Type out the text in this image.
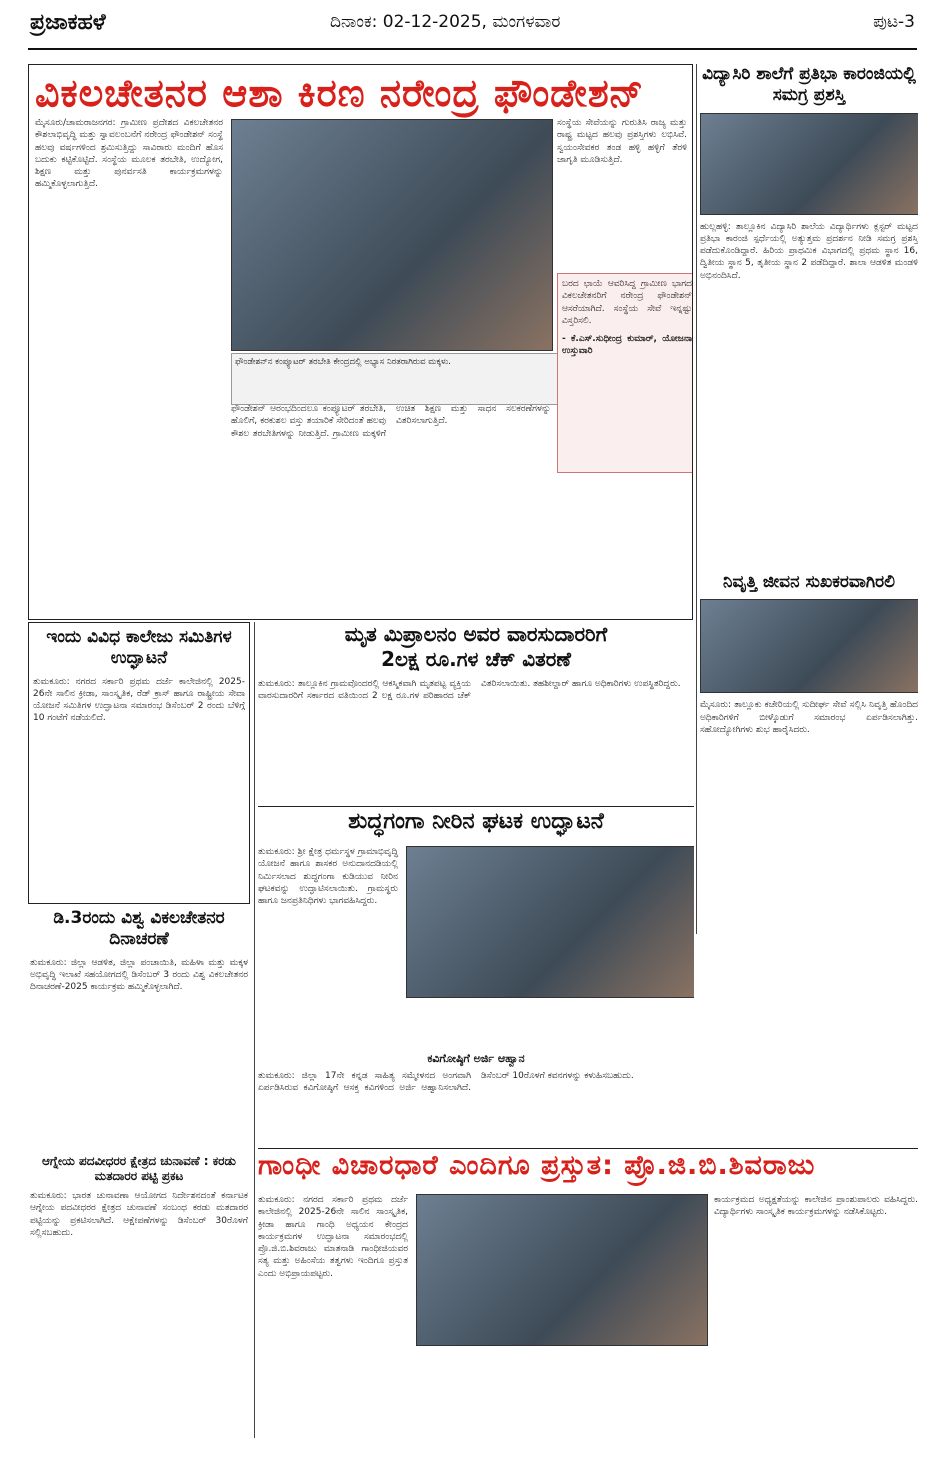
ಪ್ರಜಾಕಹಳೆ	ದಿನಾಂಕ: 02-12-2025, ಮಂಗಳವಾರ	ಪುಟ-3
ವಿಕಲಚೇತನರ ಆಶಾ ಕಿರಣ ನರೇಂದ್ರ ಫೌಂಡೇಶನ್
ಮೈಸೂರು/ಚಾಮರಾಜನಗರ: ಗ್ರಾಮೀಣ ಪ್ರದೇಶದ ವಿಕಲಚೇತನರ ಕೌಶಲಾಭಿವೃದ್ಧಿ ಮತ್ತು ಸ್ವಾವಲಂಬನೆಗೆ ನರೇಂದ್ರ ಫೌಂಡೇಶನ್ ಸಂಸ್ಥೆ ಹಲವು ವರ್ಷಗಳಿಂದ ಶ್ರಮಿಸುತ್ತಿದ್ದು ಸಾವಿರಾರು ಮಂದಿಗೆ ಹೊಸ ಬದುಕು ಕಟ್ಟಿಕೊಟ್ಟಿದೆ. ಸಂಸ್ಥೆಯ ಮೂಲಕ ತರಬೇತಿ, ಉದ್ಯೋಗ, ಶಿಕ್ಷಣ ಮತ್ತು ಪುನರ್ವಸತಿ ಕಾರ್ಯಕ್ರಮಗಳನ್ನು ಹಮ್ಮಿಕೊಳ್ಳಲಾಗುತ್ತಿದೆ.
ಫೌಂಡೇಶನ್‌ನ ಕಂಪ್ಯೂಟರ್ ತರಬೇತಿ ಕೇಂದ್ರದಲ್ಲಿ ಅಭ್ಯಾಸ ನಿರತರಾಗಿರುವ ಮಕ್ಕಳು.
ಸಂಸ್ಥೆಯ ಸೇವೆಯನ್ನು ಗುರುತಿಸಿ ರಾಜ್ಯ ಮತ್ತು ರಾಷ್ಟ್ರ ಮಟ್ಟದ ಹಲವು ಪ್ರಶಸ್ತಿಗಳು ಲಭಿಸಿವೆ. ಸ್ವಯಂಸೇವಕರ ತಂಡ ಹಳ್ಳಿ ಹಳ್ಳಿಗೆ ತೆರಳಿ ಜಾಗೃತಿ ಮೂಡಿಸುತ್ತಿದೆ.
ಬರದ ಛಾಯೆ ಆವರಿಸಿದ್ದ ಗ್ರಾಮೀಣ ಭಾಗದ ವಿಕಲಚೇತನರಿಗೆ ನರೇಂದ್ರ ಫೌಂಡೇಶನ್ ಆಸರೆಯಾಗಿದೆ. ಸಂಸ್ಥೆಯ ಸೇವೆ ಇನ್ನಷ್ಟು ವಿಸ್ತರಿಸಲಿ.
- ಕೆ.ಎಸ್.ಸುಧೀಂದ್ರ ಕುಮಾರ್, ಯೋಜನಾ ಉಸ್ತುವಾರಿ
ಫೌಂಡೇಶನ್ ಆರಂಭದಿಂದಲೂ ಕಂಪ್ಯೂಟರ್ ತರಬೇತಿ, ಹೊಲಿಗೆ, ಕರಕುಶಲ ವಸ್ತು ತಯಾರಿಕೆ ಸೇರಿದಂತೆ ಹಲವು ಕೌಶಲ ತರಬೇತಿಗಳನ್ನು ನೀಡುತ್ತಿದೆ. ಗ್ರಾಮೀಣ ಮಕ್ಕಳಿಗೆ ಉಚಿತ ಶಿಕ್ಷಣ ಮತ್ತು ಸಾಧನ ಸಲಕರಣೆಗಳನ್ನು ವಿತರಿಸಲಾಗುತ್ತಿದೆ.
ವಿದ್ಯಾಸಿರಿ ಶಾಲೆಗೆ ಪ್ರತಿಭಾ ಕಾರಂಜಿಯಲ್ಲಿ ಸಮಗ್ರ ಪ್ರಶಸ್ತಿ
ಹುಲ್ಲಹಳ್ಳಿ: ತಾಲ್ಲೂಕಿನ ವಿದ್ಯಾಸಿರಿ ಶಾಲೆಯ ವಿದ್ಯಾರ್ಥಿಗಳು ಕ್ಲಸ್ಟರ್ ಮಟ್ಟದ ಪ್ರತಿಭಾ ಕಾರಂಜಿ ಸ್ಪರ್ಧೆಯಲ್ಲಿ ಅತ್ಯುತ್ತಮ ಪ್ರದರ್ಶನ ನೀಡಿ ಸಮಗ್ರ ಪ್ರಶಸ್ತಿ ಪಡೆದುಕೊಂಡಿದ್ದಾರೆ. ಹಿರಿಯ ಪ್ರಾಥಮಿಕ ವಿಭಾಗದಲ್ಲಿ ಪ್ರಥಮ ಸ್ಥಾನ 16, ದ್ವಿತೀಯ ಸ್ಥಾನ 5, ತೃತೀಯ ಸ್ಥಾನ 2 ಪಡೆದಿದ್ದಾರೆ. ಶಾಲಾ ಆಡಳಿತ ಮಂಡಳಿ ಅಭಿನಂದಿಸಿದೆ.
ನಿವೃತ್ತಿ ಜೀವನ ಸುಖಕರವಾಗಿರಲಿ
ಮೈಸೂರು: ತಾಲ್ಲೂಕು ಕಚೇರಿಯಲ್ಲಿ ಸುದೀರ್ಘ ಸೇವೆ ಸಲ್ಲಿಸಿ ನಿವೃತ್ತಿ ಹೊಂದಿದ ಅಧಿಕಾರಿಗಳಿಗೆ ಬೀಳ್ಕೊಡುಗೆ ಸಮಾರಂಭ ಏರ್ಪಡಿಸಲಾಗಿತ್ತು. ಸಹೋದ್ಯೋಗಿಗಳು ಶುಭ ಹಾರೈಸಿದರು.
ಇಂದು ವಿವಿಧ ಕಾಲೇಜು ಸಮಿತಿಗಳ ಉದ್ಘಾಟನೆ
ತುಮಕೂರು: ನಗರದ ಸರ್ಕಾರಿ ಪ್ರಥಮ ದರ್ಜೆ ಕಾಲೇಜಿನಲ್ಲಿ 2025-26ನೇ ಸಾಲಿನ ಕ್ರೀಡಾ, ಸಾಂಸ್ಕೃತಿಕ, ರೆಡ್ ಕ್ರಾಸ್ ಹಾಗೂ ರಾಷ್ಟ್ರೀಯ ಸೇವಾ ಯೋಜನೆ ಸಮಿತಿಗಳ ಉದ್ಘಾಟನಾ ಸಮಾರಂಭ ಡಿಸೆಂಬರ್ 2 ರಂದು ಬೆಳಿಗ್ಗೆ 10 ಗಂಟೆಗೆ ನಡೆಯಲಿದೆ.
ಡಿ.3ರಂದು ವಿಶ್ವ ವಿಕಲಚೇತನರ ದಿನಾಚರಣೆ
ತುಮಕೂರು: ಜಿಲ್ಲಾ ಆಡಳಿತ, ಜಿಲ್ಲಾ ಪಂಚಾಯಿತಿ, ಮಹಿಳಾ ಮತ್ತು ಮಕ್ಕಳ ಅಭಿವೃದ್ಧಿ ಇಲಾಖೆ ಸಹಯೋಗದಲ್ಲಿ ಡಿಸೆಂಬರ್ 3 ರಂದು ವಿಶ್ವ ವಿಕಲಚೇತನರ ದಿನಾಚರಣೆ-2025 ಕಾರ್ಯಕ್ರಮ ಹಮ್ಮಿಕೊಳ್ಳಲಾಗಿದೆ.
ಆಗ್ನೇಯ ಪದವೀಧರರ ಕ್ಷೇತ್ರದ ಚುನಾವಣೆ : ಕರಡು ಮತದಾರರ ಪಟ್ಟಿ ಪ್ರಕಟ
ತುಮಕೂರು: ಭಾರತ ಚುನಾವಣಾ ಆಯೋಗದ ನಿರ್ದೇಶನದಂತೆ ಕರ್ನಾಟಕ ಆಗ್ನೇಯ ಪದವೀಧರರ ಕ್ಷೇತ್ರದ ಚುನಾವಣೆ ಸಂಬಂಧ ಕರಡು ಮತದಾರರ ಪಟ್ಟಿಯನ್ನು ಪ್ರಕಟಿಸಲಾಗಿದೆ. ಆಕ್ಷೇಪಣೆಗಳನ್ನು ಡಿಸೆಂಬರ್ 30ರೊಳಗೆ ಸಲ್ಲಿಸಬಹುದು.
ಮೃತ ಮಿಪ್ರಾಲನಂ ಅವರ ವಾರಸುದಾರರಿಗೆ
2ಲಕ್ಷ ರೂ.ಗಳ ಚೆಕ್ ವಿತರಣೆ
ತುಮಕೂರು: ತಾಲ್ಲೂಕಿನ ಗ್ರಾಮವೊಂದರಲ್ಲಿ ಆಕಸ್ಮಿಕವಾಗಿ ಮೃತಪಟ್ಟ ವ್ಯಕ್ತಿಯ ವಾರಸುದಾರರಿಗೆ ಸರ್ಕಾರದ ವತಿಯಿಂದ 2 ಲಕ್ಷ ರೂ.ಗಳ ಪರಿಹಾರದ ಚೆಕ್ ವಿತರಿಸಲಾಯಿತು. ತಹಶೀಲ್ದಾರ್ ಹಾಗೂ ಅಧಿಕಾರಿಗಳು ಉಪಸ್ಥಿತರಿದ್ದರು.
ಶುದ್ಧಗಂಗಾ ನೀರಿನ ಘಟಕ ಉದ್ಘಾಟನೆ
ತುಮಕೂರು: ಶ್ರೀ ಕ್ಷೇತ್ರ ಧರ್ಮಸ್ಥಳ ಗ್ರಾಮಾಭಿವೃದ್ಧಿ ಯೋಜನೆ ಹಾಗೂ ಶಾಸಕರ ಅನುದಾನದಡಿಯಲ್ಲಿ ನಿರ್ಮಿಸಲಾದ ಶುದ್ಧಗಂಗಾ ಕುಡಿಯುವ ನೀರಿನ ಘಟಕವನ್ನು ಉದ್ಘಾಟಿಸಲಾಯಿತು. ಗ್ರಾಮಸ್ಥರು ಹಾಗೂ ಜನಪ್ರತಿನಿಧಿಗಳು ಭಾಗವಹಿಸಿದ್ದರು.
ಕವಿಗೋಷ್ಠಿಗೆ ಅರ್ಜಿ ಆಹ್ವಾನ
ತುಮಕೂರು: ಜಿಲ್ಲಾ 17ನೇ ಕನ್ನಡ ಸಾಹಿತ್ಯ ಸಮ್ಮೇಳನದ ಅಂಗವಾಗಿ ಏರ್ಪಡಿಸಿರುವ ಕವಿಗೋಷ್ಠಿಗೆ ಆಸಕ್ತ ಕವಿಗಳಿಂದ ಅರ್ಜಿ ಆಹ್ವಾನಿಸಲಾಗಿದೆ. ಡಿಸೆಂಬರ್ 10ರೊಳಗೆ ಕವನಗಳನ್ನು ಕಳುಹಿಸಬಹುದು.
ಗಾಂಧೀ ವಿಚಾರಧಾರೆ ಎಂದಿಗೂ ಪ್ರಸ್ತುತ: ಪ್ರೊ.ಜಿ.ಬಿ.ಶಿವರಾಜು
ತುಮಕೂರು: ನಗರದ ಸರ್ಕಾರಿ ಪ್ರಥಮ ದರ್ಜೆ ಕಾಲೇಜಿನಲ್ಲಿ 2025-26ನೇ ಸಾಲಿನ ಸಾಂಸ್ಕೃತಿಕ, ಕ್ರೀಡಾ ಹಾಗೂ ಗಾಂಧಿ ಅಧ್ಯಯನ ಕೇಂದ್ರದ ಕಾರ್ಯಕ್ರಮಗಳ ಉದ್ಘಾಟನಾ ಸಮಾರಂಭದಲ್ಲಿ ಪ್ರೊ.ಜಿ.ಬಿ.ಶಿವರಾಜು ಮಾತನಾಡಿ ಗಾಂಧೀಜಿಯವರ ಸತ್ಯ ಮತ್ತು ಅಹಿಂಸೆಯ ತತ್ವಗಳು ಇಂದಿಗೂ ಪ್ರಸ್ತುತ ಎಂದು ಅಭಿಪ್ರಾಯಪಟ್ಟರು.
ಕಾರ್ಯಕ್ರಮದ ಅಧ್ಯಕ್ಷತೆಯನ್ನು ಕಾಲೇಜಿನ ಪ್ರಾಂಶುಪಾಲರು ವಹಿಸಿದ್ದರು. ವಿದ್ಯಾರ್ಥಿಗಳು ಸಾಂಸ್ಕೃತಿಕ ಕಾರ್ಯಕ್ರಮಗಳನ್ನು ನಡೆಸಿಕೊಟ್ಟರು.
